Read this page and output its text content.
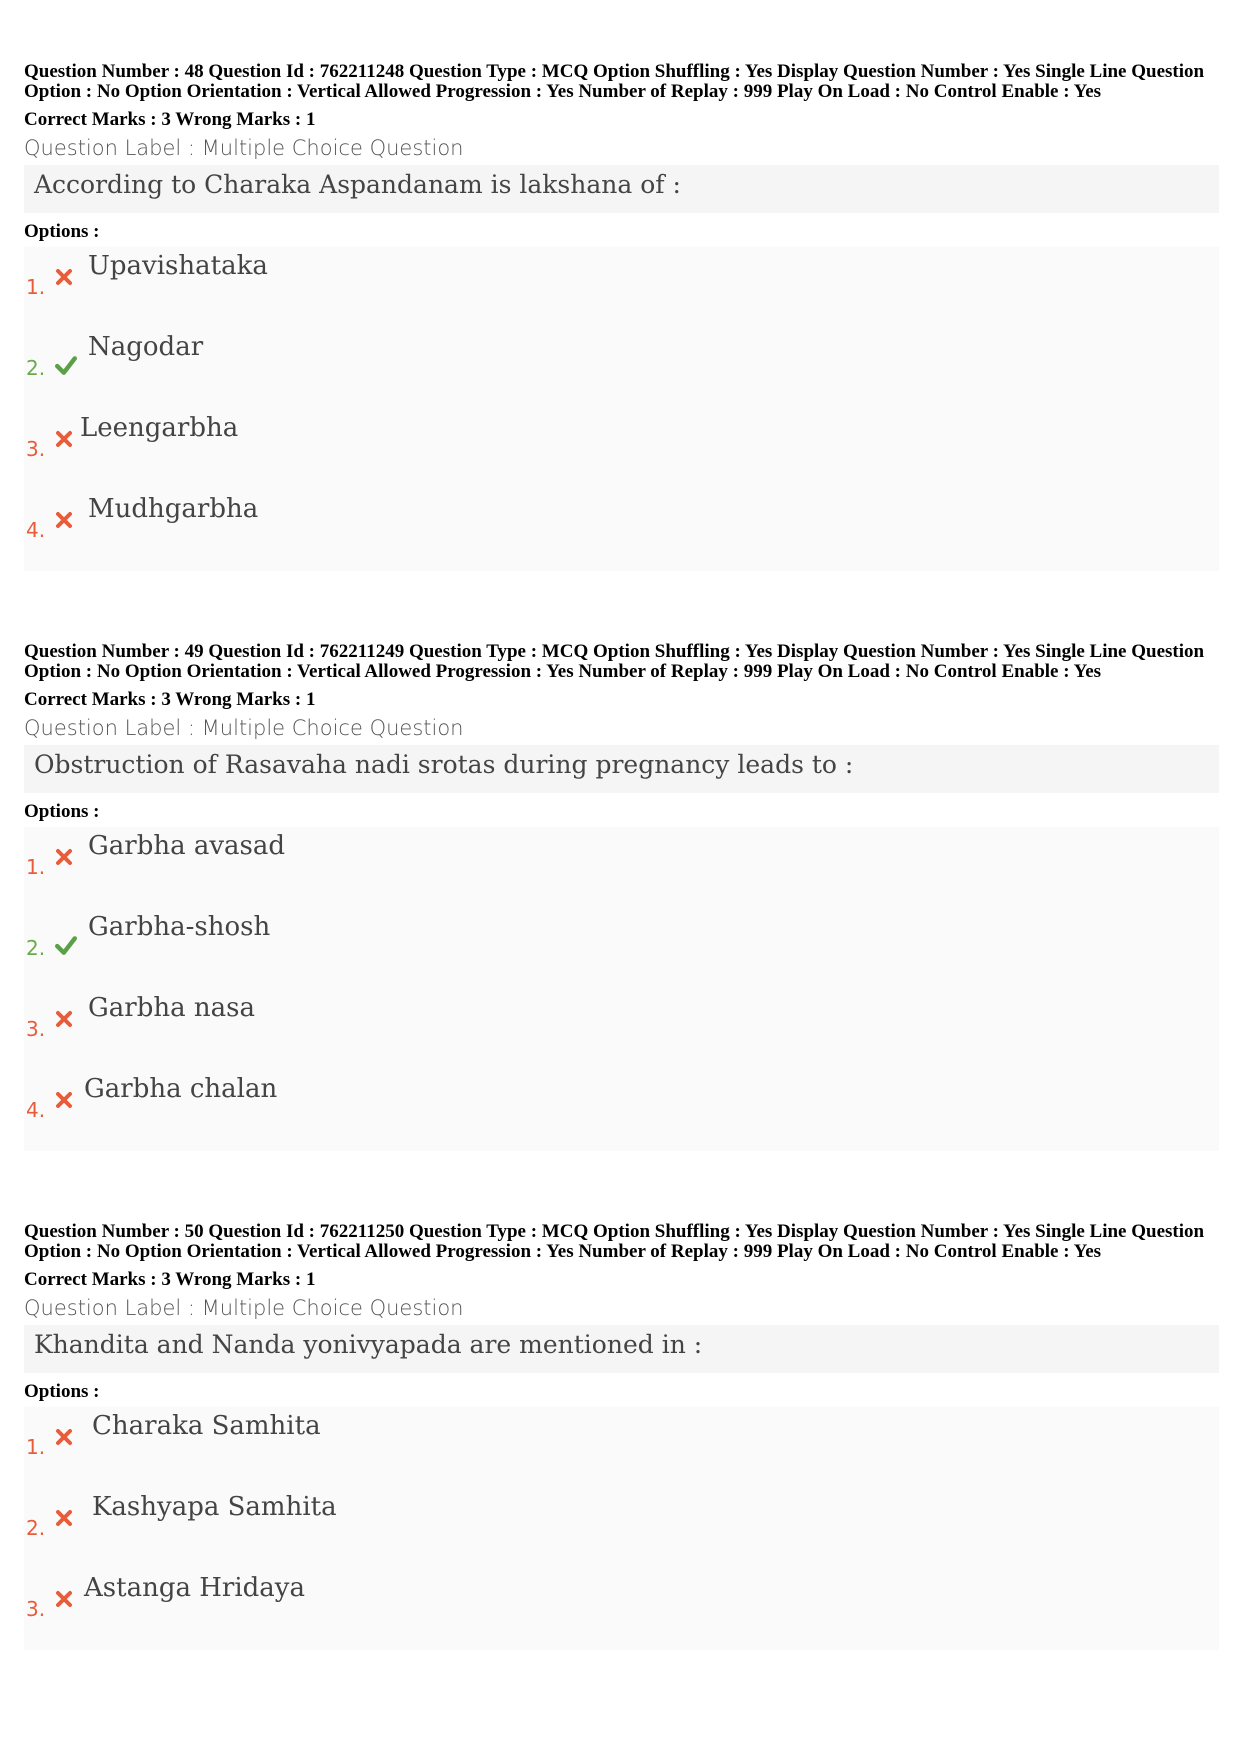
Question Number : 48 Question Id : 762211248 Question Type : MCQ Option Shuffling : Yes Display Question Number : Yes Single Line Question Option : No Option Orientation : Vertical Allowed Progression : Yes Number of Replay : 999 Play On Load : No Control Enable : Yes
Correct Marks : 3 Wrong Marks : 1
Question Label : Multiple Choice Question
According to Charaka Aspandanam is lakshana of :
Options :
1.
Upavishataka
2.
Nagodar
3.
Leengarbha
4.
Mudhgarbha
Question Number : 49 Question Id : 762211249 Question Type : MCQ Option Shuffling : Yes Display Question Number : Yes Single Line Question Option : No Option Orientation : Vertical Allowed Progression : Yes Number of Replay : 999 Play On Load : No Control Enable : Yes
Correct Marks : 3 Wrong Marks : 1
Question Label : Multiple Choice Question
Obstruction of Rasavaha nadi srotas during pregnancy leads to :
Options :
1.
Garbha avasad
2.
Garbha-shosh
3.
Garbha nasa
4.
Garbha chalan
Question Number : 50 Question Id : 762211250 Question Type : MCQ Option Shuffling : Yes Display Question Number : Yes Single Line Question Option : No Option Orientation : Vertical Allowed Progression : Yes Number of Replay : 999 Play On Load : No Control Enable : Yes
Correct Marks : 3 Wrong Marks : 1
Question Label : Multiple Choice Question
Khandita and Nanda yonivyapada are mentioned in :
Options :
1.
Charaka Samhita
2.
Kashyapa Samhita
3.
Astanga Hridaya
